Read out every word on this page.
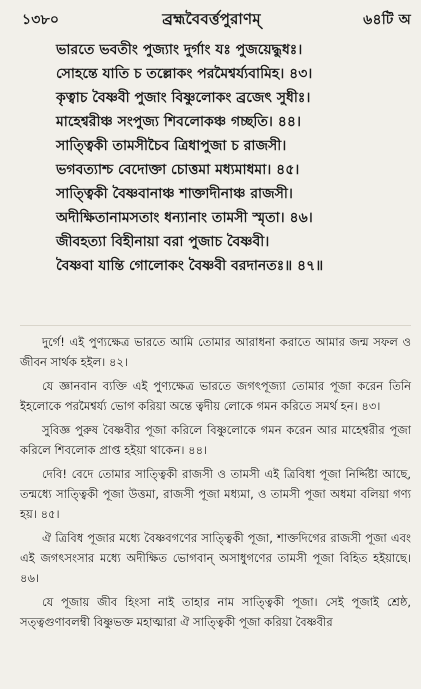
১৩৮০	ব্রহ্মবৈবর্ত্তপুরাণম্	৬৪টি অ
ভারতে ভবতীং পুজ্যাং দুর্গাং যঃ পুজয়েদ্ধুধঃ।
সোহন্তে যাতি চ তল্লোকং পরমৈশ্বর্য্যবামিহ। ৪৩।
কৃত্বাচ বৈষ্ণবী পুজাং বিষ্ণুলোকং ব্রজেৎ সুধীঃ।
মাহেশ্বরীঞ্চ সংপুজ্য শিবলোকঞ্চ গচ্ছতি। ৪৪।
সাত্ত্বিকী তামসীচৈব ত্রিধাপুজা চ রাজসী।
ভগবত্যাশ্চ বেদোক্তা চোত্তমা মধ্যমাধমা। ৪৫।
সাত্ত্বিকী বৈষ্ণবানাঞ্চ শাক্তাদীনাঞ্চ রাজসী।
অদীক্ষিতানামসতাং ধন্যানাং তামসী স্মৃতা। ৪৬।
জীবহত্যা বিহীনায়া বরা পুজাচ বৈষ্ণবী।
বৈষ্ণবা যান্তি গোলোকং বৈষ্ণবী বরদানতঃ॥ ৪৭॥

দুর্গে! এই পুণ্যক্ষেত্র ভারতে আমি তোমার আরাধনা করাতে আমার জন্ম সফল ও জীবন সার্থক হইল। ৪২।

যে জ্ঞানবান ব্যক্তি এই পুণ্যক্ষেত্র ভারতে জগৎপূজ্যা তোমার পূজা করেন তিনি ইহলোকে পরমৈশ্বর্য্য ভোগ করিয়া অন্তে ত্বদীয় লোকে গমন করিতে সমর্থ হন। ৪৩।

সুবিজ্ঞ পুরুষ বৈষ্ণবীর পূজা করিলে বিষ্ণুলোকে গমন করেন আর মাহেশ্বরীর পূজা করিলে শিবলোক প্রাপ্ত হইয়া থাকেন। ৪৪।

দেবি! বেদে তোমার সাত্ত্বিকী রাজসী ও তামসী এই ত্রিবিধা পূজা নির্দ্দিষ্টা আছে, তন্মধ্যে সাত্ত্বিকী পূজা উত্তমা, রাজসী পূজা মধ্যমা, ও তামসী পূজা অধমা বলিয়া গণ্য হয়। ৪৫।

ঐ ত্রিবিধ পূজার মধ্যে বৈষ্ণবগণের সাত্ত্বিকী পূজা, শাক্তদিগের রাজসী পূজা এবং এই জগৎসংসার মধ্যে অদীক্ষিত ভোগবান্ অসাধুগণের তামসী পূজা বিহিত হইয়াছে। ৪৬।

যে পূজায় জীব হিংসা নাই তাহার নাম সাত্ত্বিকী পূজা। সেই পূজাই শ্রেষ্ঠ, সত্ত্বগুণাবলম্বী বিষ্ণুভক্ত মহাত্মারা ঐ সাত্ত্বিকী পূজা করিয়া বৈষ্ণবীর
